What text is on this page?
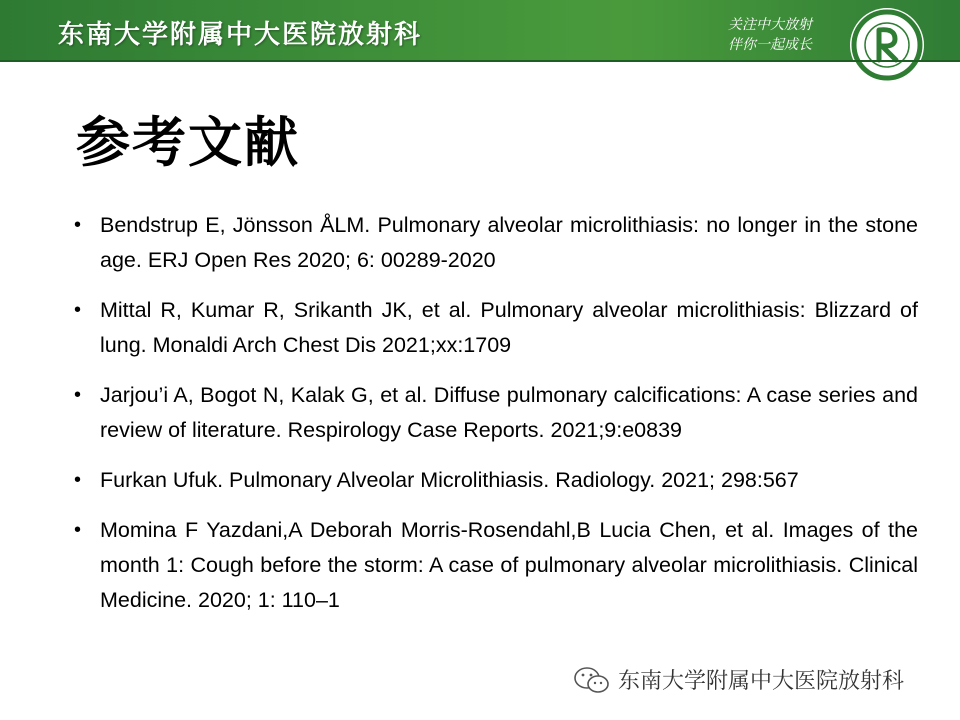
东南大学附属中大医院放射科	关注中大放射
伴你一起成长
参考文献
• Bendstrup E, Jönsson ÅLM. Pulmonary alveolar microlithiasis: no longer in the stone age. ERJ Open Res 2020; 6: 00289-2020
• Mittal R, Kumar R, Srikanth JK, et al. Pulmonary alveolar microlithiasis: Blizzard of lung. Monaldi Arch Chest Dis 2021;xx:1709
• Jarjou’i A, Bogot N, Kalak G, et al. Diffuse pulmonary calcifications: A case series and review of literature. Respirology Case Reports. 2021;9:e0839
• Furkan Ufuk. Pulmonary Alveolar Microlithiasis. Radiology. 2021; 298:567
• Momina F Yazdani,A Deborah Morris-Rosendahl,B Lucia Chen, et al. Images of the month 1: Cough before the storm: A case of pulmonary alveolar microlithiasis. Clinical Medicine. 2020; 1: 110–1
东南大学附属中大医院放射科
